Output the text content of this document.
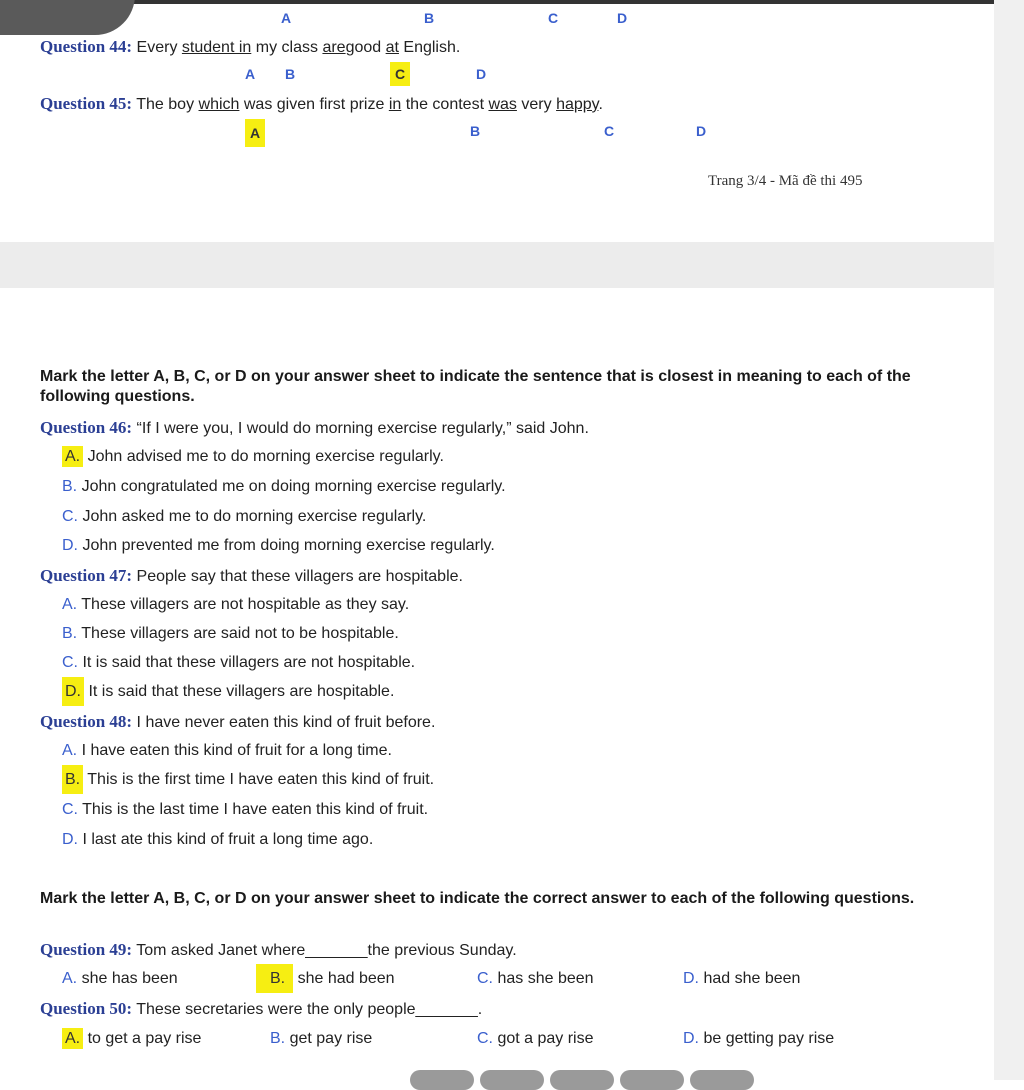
A	B	C	D
Question 44: Every student in my class aregood at English.
A B	C	D
Question 45: The boy which was given first prize in the contest was very happy.
A	B	C	D
Trang 3/4 - Mã đề thi 495
Mark the letter A, B, C, or D on your answer sheet to indicate the sentence that is closest in meaning to each of the following questions.
Question 46: “If I were you, I would do morning exercise regularly,” said John.
A. John advised me to do morning exercise regularly.
B. John congratulated me on doing morning exercise regularly.
C. John asked me to do morning exercise regularly.
D. John prevented me from doing morning exercise regularly.
Question 47: People say that these villagers are hospitable.
A. These villagers are not hospitable as they say.
B. These villagers are said not to be hospitable.
C. It is said that these villagers are not hospitable.
D. It is said that these villagers are hospitable.
Question 48: I have never eaten this kind of fruit before.
A. I have eaten this kind of fruit for a long time.
B. This is the first time I have eaten this kind of fruit.
C. This is the last time I have eaten this kind of fruit.
D. I last ate this kind of fruit a long time ago.
Mark the letter A, B, C, or D on your answer sheet to indicate the correct answer to each of the following questions.
Question 49: Tom asked Janet where_______the previous Sunday.
A. she has been	B. she had been	C. has she been	D. had she been
Question 50: These secretaries were the only people_______.
A. to get a pay rise	B. get pay rise	C. got a pay rise	D. be getting pay rise
